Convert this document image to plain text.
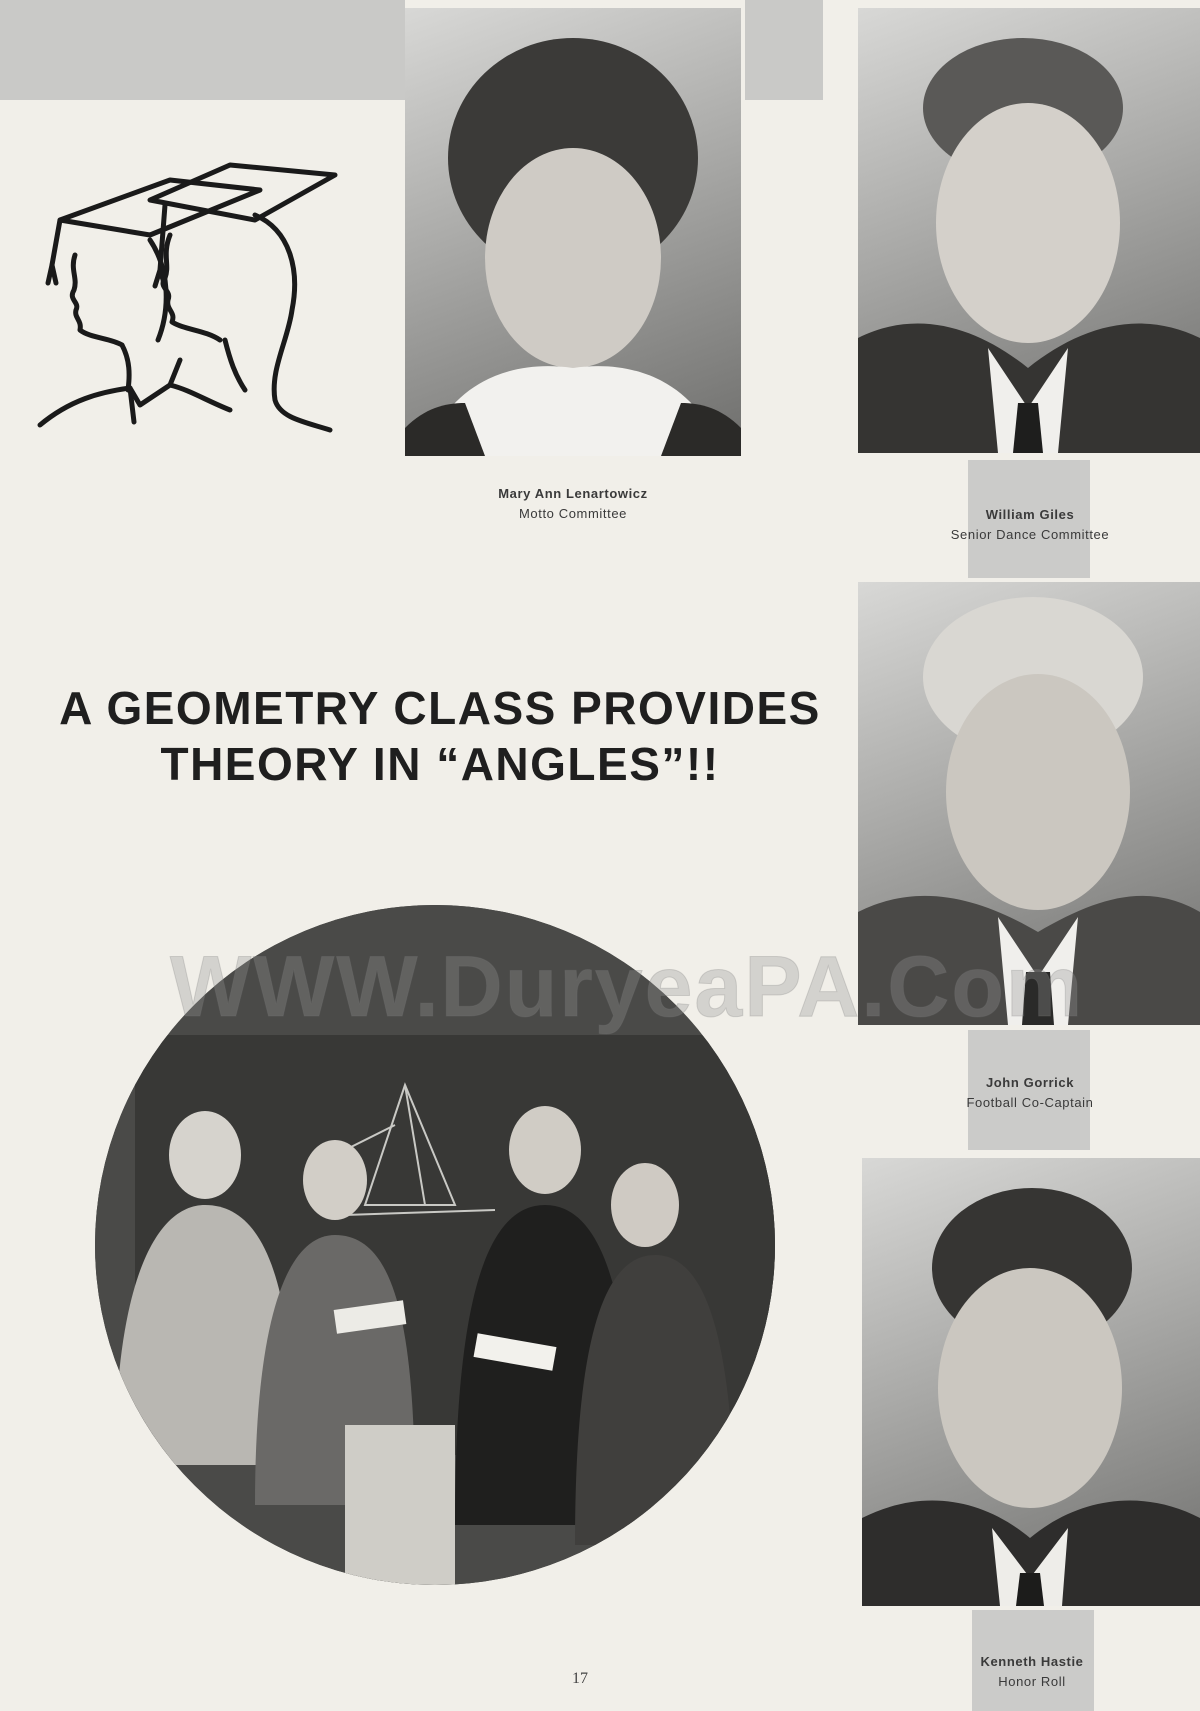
Mary Ann Lenartowicz
Motto Committee	William Giles
Senior Dance Committee
A GEOMETRY CLASS PROVIDES
THEORY IN “ANGLES”!!
John Gorrick
Football Co-Captain
Kenneth Hastie
Honor Roll
WWW.DuryeaPA.Com
17
